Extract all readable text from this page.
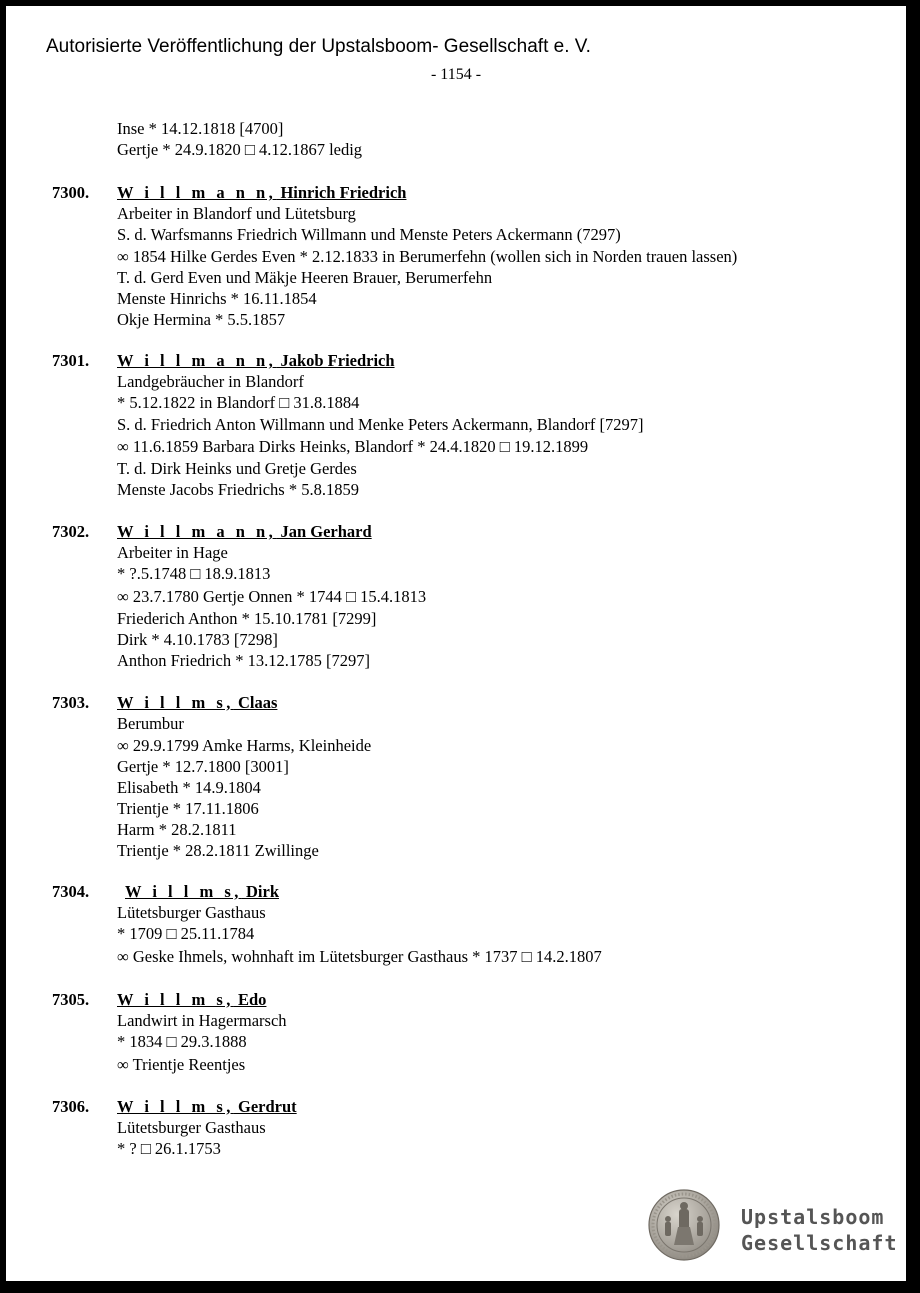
Autorisierte Veröffentlichung der Upstalsboom- Gesellschaft e. V.
- 1154 -
Inse * 14.12.1818 [4700]
Gertje * 24.9.1820 □ 4.12.1867 ledig
7300. W i l l m a n n, Hinrich Friedrich
Arbeiter in Blandorf und Lütetsburg
S. d. Warfsmanns Friedrich Willmann und Menste Peters Ackermann (7297)
∞ 1854 Hilke Gerdes Even * 2.12.1833 in Berumerfehn (wollen sich in Norden trauen lassen)
T. d. Gerd Even und Mäkje Heeren Brauer, Berumerfehn
Menste Hinrichs * 16.11.1854
Okje Hermina * 5.5.1857
7301. W i l l m a n n, Jakob Friedrich
Landgebräucher in Blandorf
* 5.12.1822 in Blandorf □ 31.8.1884
S. d. Friedrich Anton Willmann und Menke Peters Ackermann, Blandorf [7297]
∞ 11.6.1859 Barbara Dirks Heinks, Blandorf * 24.4.1820 □ 19.12.1899
T. d. Dirk Heinks und Gretje Gerdes
Menste Jacobs Friedrichs * 5.8.1859
7302. W i l l m a n n, Jan Gerhard
Arbeiter in Hage
* ?.5.1748 □ 18.9.1813
∞ 23.7.1780 Gertje Onnen * 1744 □ 15.4.1813
Friederich Anthon * 15.10.1781 [7299]
Dirk * 4.10.1783 [7298]
Anthon Friedrich * 13.12.1785 [7297]
7303. W i l l m s, Claas
Berumbur
∞ 29.9.1799 Amke Harms, Kleinheide
Gertje * 12.7.1800 [3001]
Elisabeth * 14.9.1804
Trientje * 17.11.1806
Harm * 28.2.1811
Trientje * 28.2.1811 Zwillinge
7304. W i l l m s, Dirk
Lütetsburger Gasthaus
* 1709 □ 25.11.1784
∞ Geske Ihmels, wohnhaft im Lütetsburger Gasthaus * 1737 □ 14.2.1807
7305. W i l l m s, Edo
Landwirt in Hagermarsch
* 1834 □ 29.3.1888
∞ Trientje Reentjes
7306. W i l l m s, Gerdrut
Lütetsburger Gasthaus
* ? □ 26.1.1753
Upstalsboom
Gesellschaft
